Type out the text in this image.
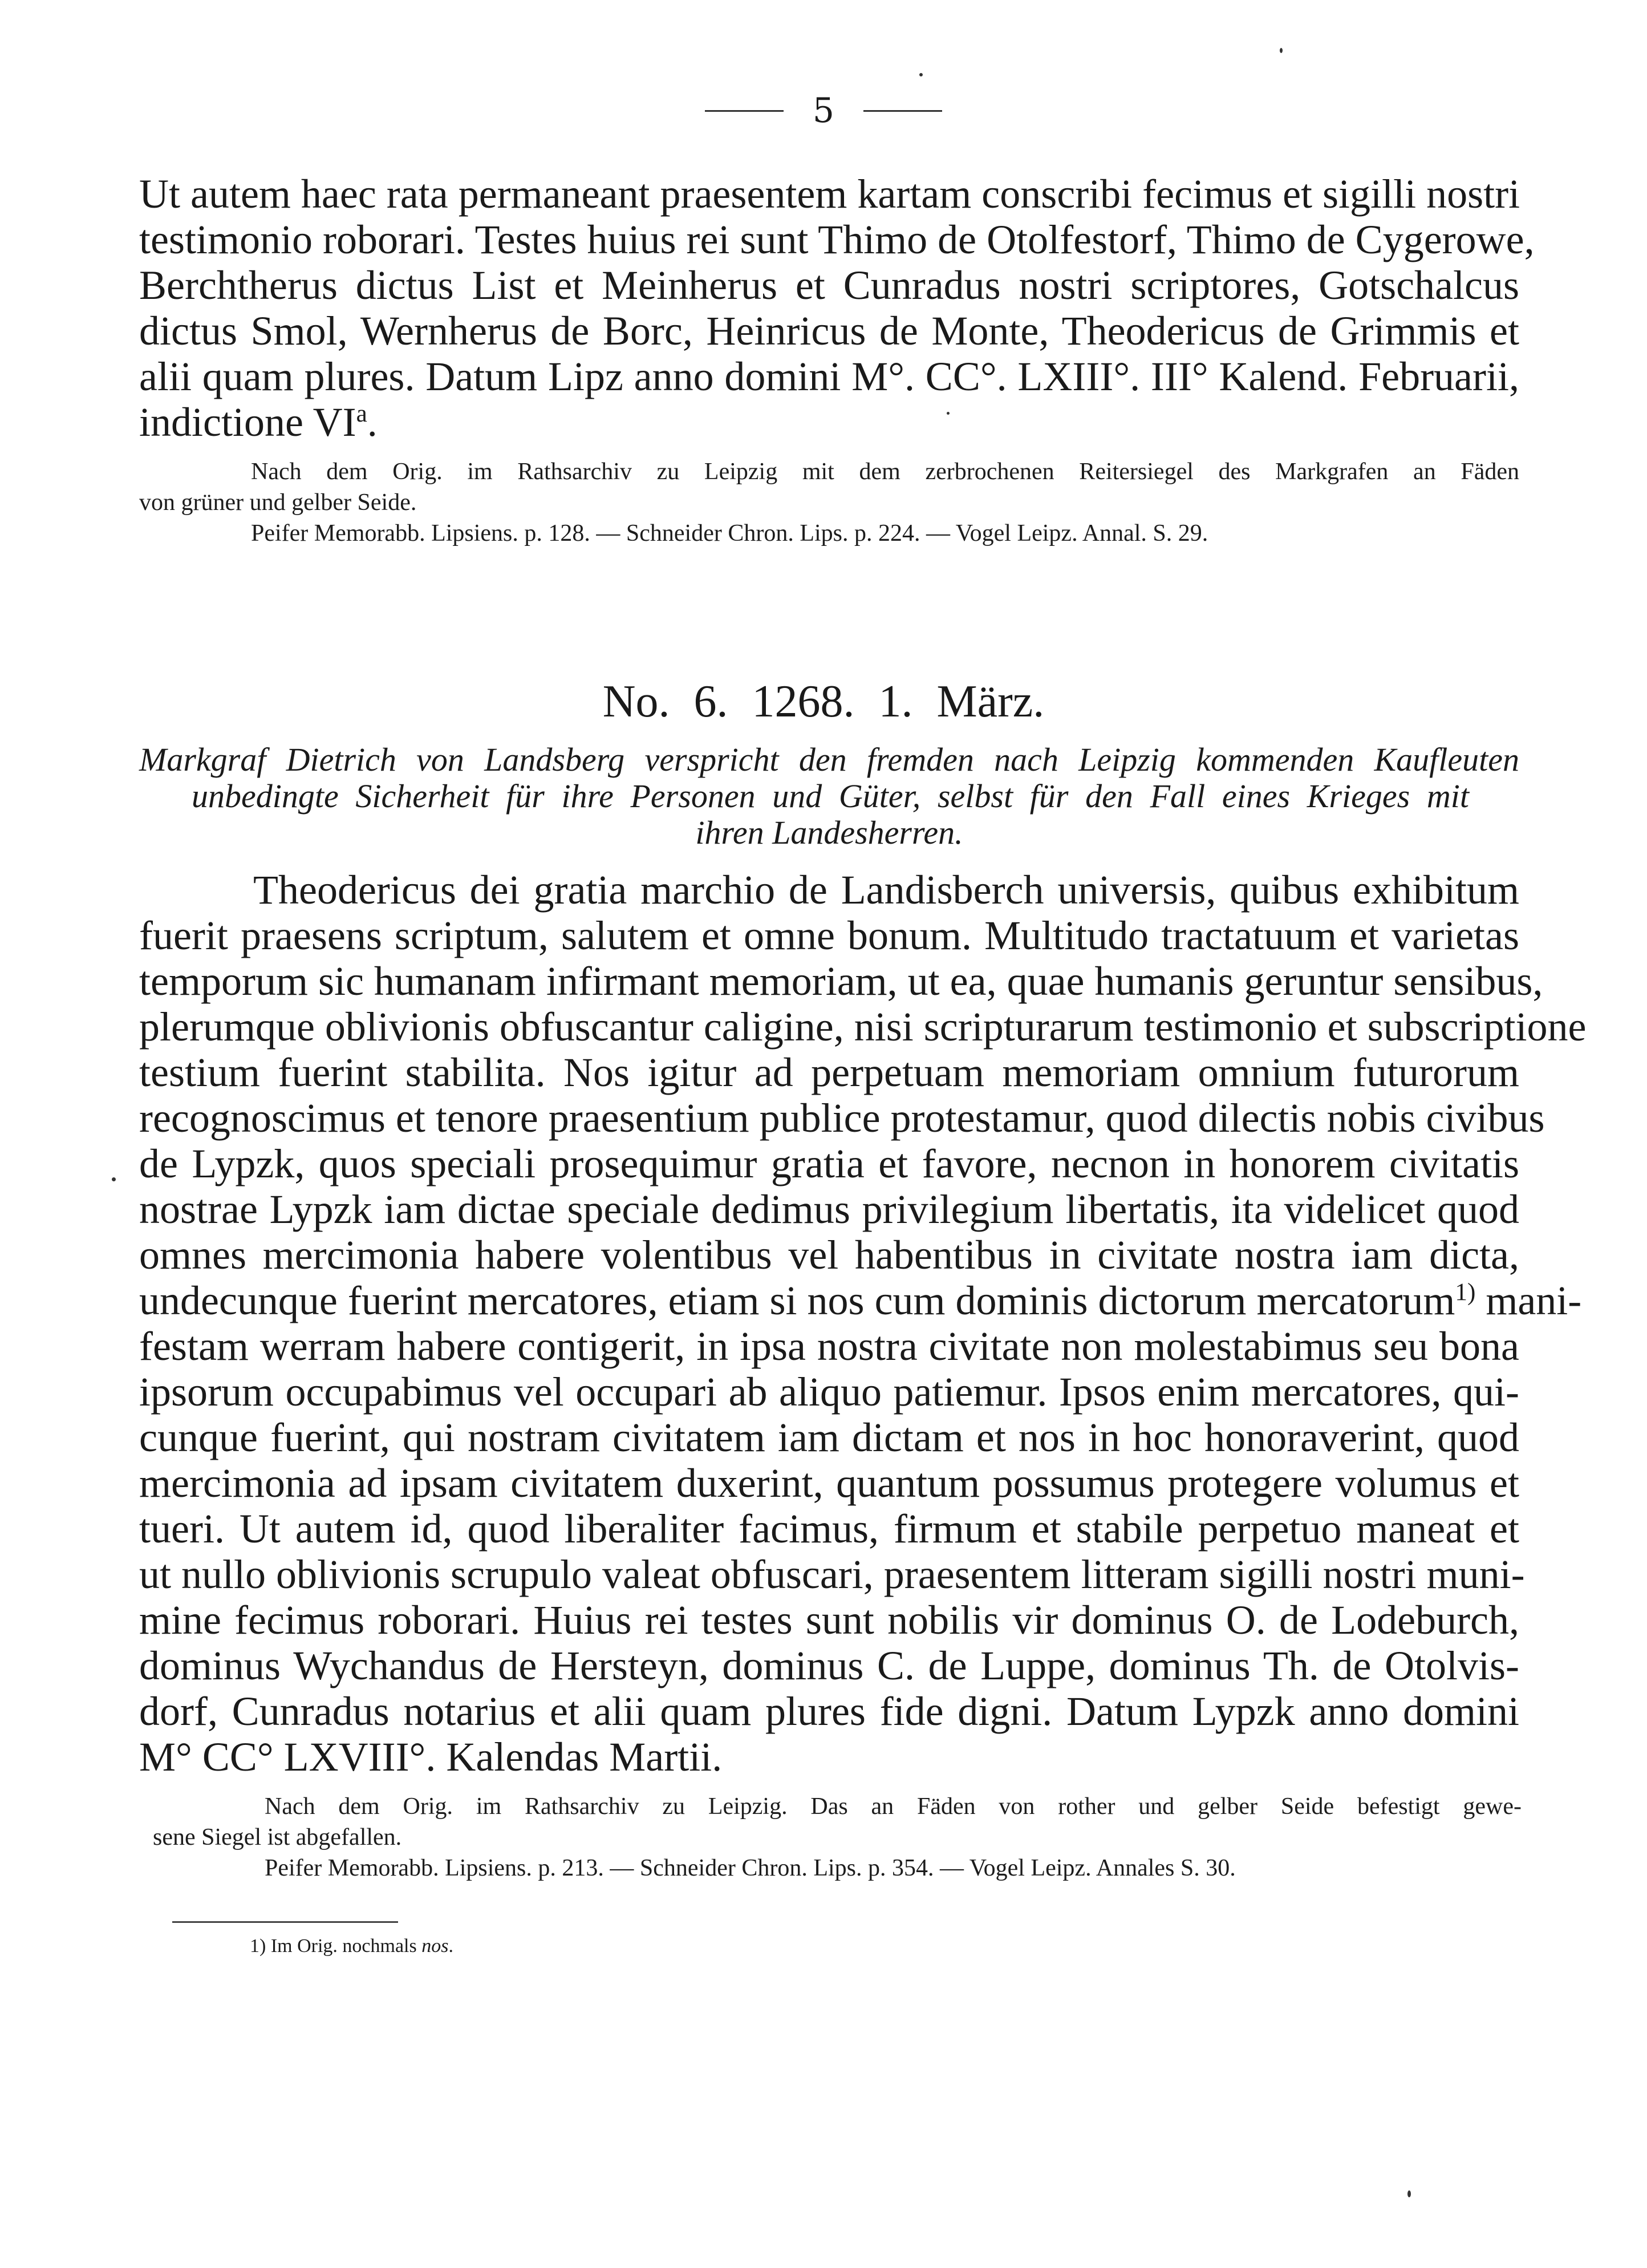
5

Ut autem haec rata permaneant praesentem kartam conscribi fecimus et sigilli nostri
testimonio roborari. Testes huius rei sunt Thimo de Otolfestorf, Thimo de Cygerowe,
Berchtherus dictus List et Meinherus et Cunradus nostri scriptores, Gotschalcus
dictus Smol, Wernherus de Borc, Heinricus de Monte, Theodericus de Grimmis et
alii quam plures. Datum Lipz anno domini M°. CC°. LXIII°. III° Kalend. Februarii,
indictione $VI^a$.

Nach dem Orig. im Rathsarchiv zu Leipzig mit dem zerbrochenen Reitersiegel des Markgrafen an Fäden
von grüner und gelber Seide.
Peifer Memorabb. Lipsiens. p. 128. — Schneider Chron. Lips. p. 224. — Vogel Leipz. Annal. S. 29.
No. 6. 1268. 1. März.
Markgraf Dietrich von Landsberg verspricht den fremden nach Leipzig kommenden Kaufleuten
unbedingte Sicherheit für ihre Personen und Güter, selbst für den Fall eines Krieges mit
ihren Landesherren.

Theodericus dei gratia marchio de Landisberch universis, quibus exhibitum
fuerit praesens scriptum, salutem et omne bonum. Multitudo tractatuum et varietas
temporum sic humanam infirmant memoriam, ut ea, quae humanis geruntur sensibus,
plerumque oblivionis obfuscantur caligine, nisi scripturarum testimonio et subscriptione
testium fuerint stabilita. Nos igitur ad perpetuam memoriam omnium futurorum
recognoscimus et tenore praesentium publice protestamur, quod dilectis nobis civibus
de Lypzk, quos speciali prosequimur gratia et favore, necnon in honorem civitatis
nostrae Lypzk iam dictae speciale dedimus privilegium libertatis, ita videlicet quod
omnes mercimonia habere volentibus vel habentibus in civitate nostra iam dicta,
undecunque fuerint mercatores, etiam si nos cum dominis dictorum mercatorum$^{1)}$ mani-
festam werram habere contigerit, in ipsa nostra civitate non molestabimus seu bona
ipsorum occupabimus vel occupari ab aliquo patiemur. Ipsos enim mercatores, qui-
cunque fuerint, qui nostram civitatem iam dictam et nos in hoc honoraverint, quod
mercimonia ad ipsam civitatem duxerint, quantum possumus protegere volumus et
tueri. Ut autem id, quod liberaliter facimus, firmum et stabile perpetuo maneat et
ut nullo oblivionis scrupulo valeat obfuscari, praesentem litteram sigilli nostri muni-
mine fecimus roborari. Huius rei testes sunt nobilis vir dominus O. de Lodeburch,
dominus Wychandus de Hersteyn, dominus C. de Luppe, dominus Th. de Otolvis-
dorf, Cunradus notarius et alii quam plures fide digni. Datum Lypzk anno domini
M° CC° LXVIII°. Kalendas Martii.

Nach dem Orig. im Rathsarchiv zu Leipzig. Das an Fäden von rother und gelber Seide befestigt gewe-
sene Siegel ist abgefallen.
Peifer Memorabb. Lipsiens. p. 213. — Schneider Chron. Lips. p. 354. — Vogel Leipz. Annales S. 30.
1) Im Orig. nochmals nos.
